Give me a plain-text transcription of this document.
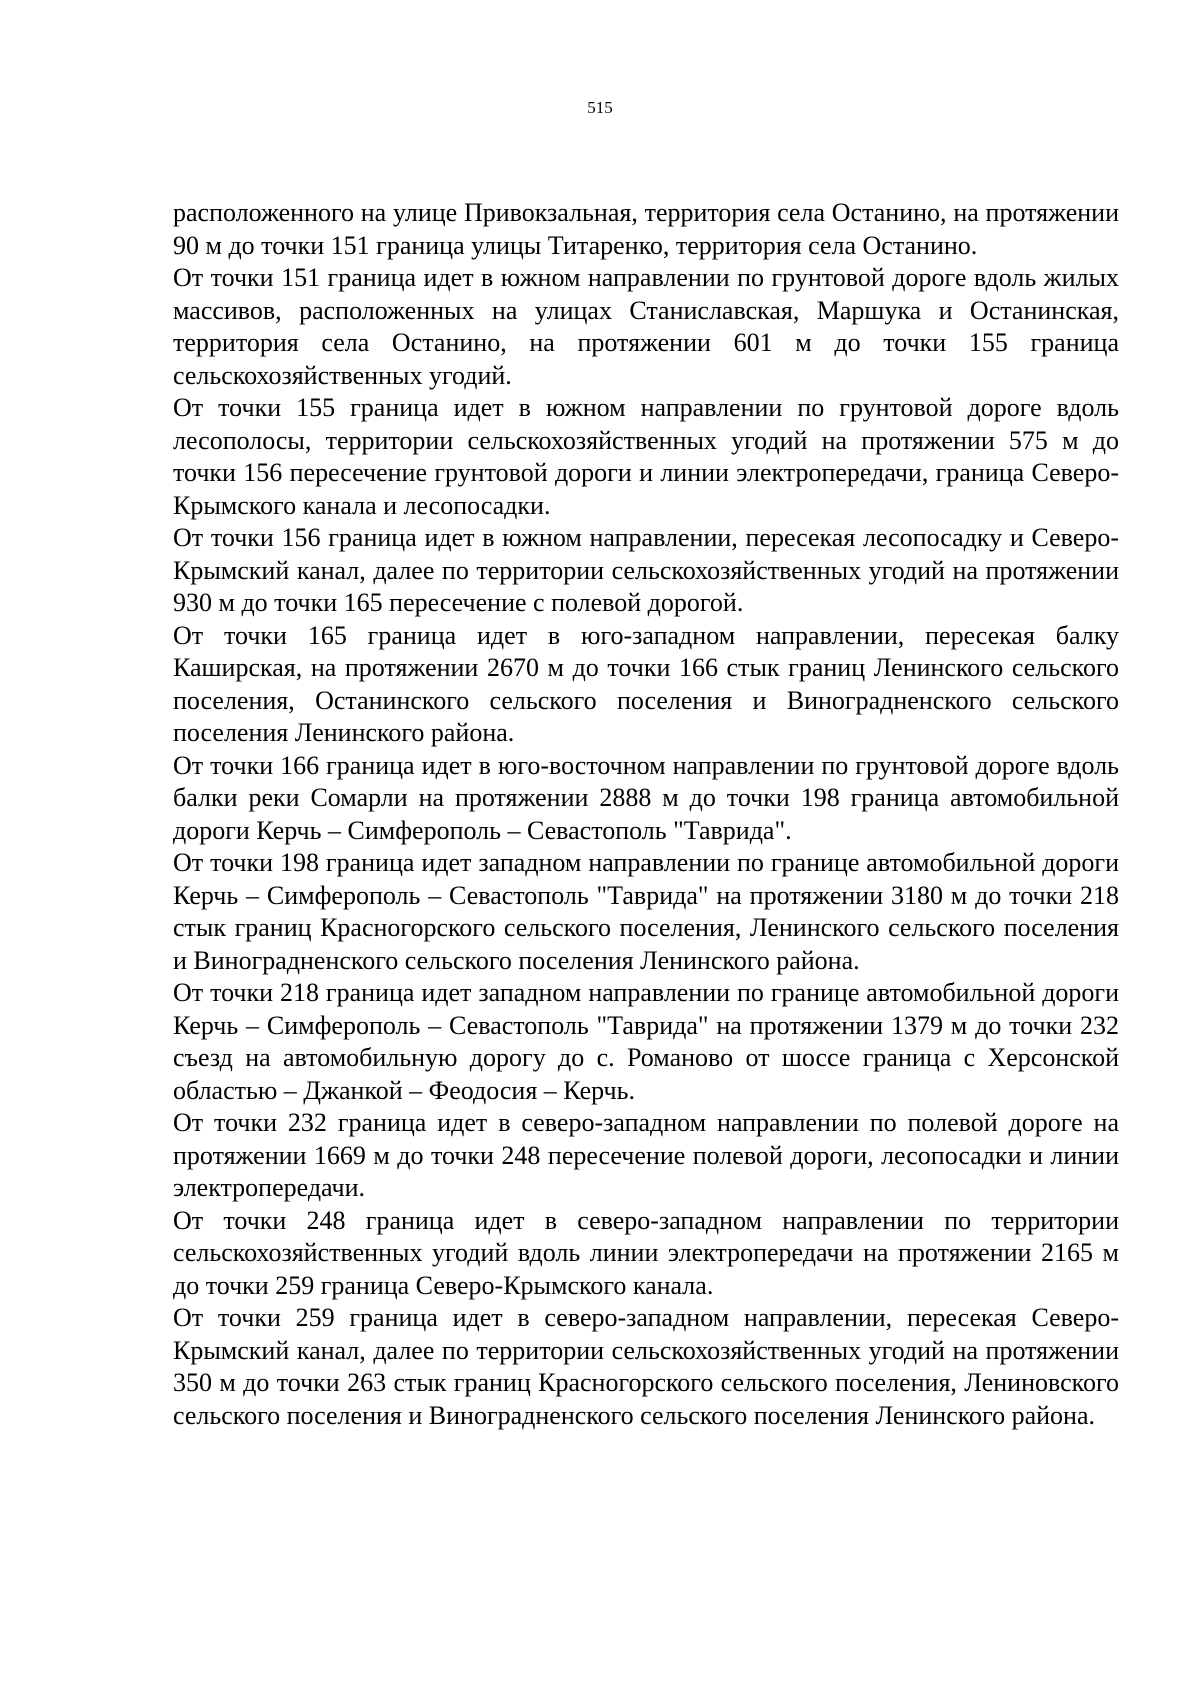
515

расположенного на улице Привокзальная, территория села Останино, на протяжении 90 м до точки 151 граница улицы Титаренко, территория села Останино.

От точки 151 граница идет в южном направлении по грунтовой дороге вдоль жилых массивов, расположенных на улицах Станиславская, Маршука и Останинская, территория села Останино, на протяжении 601 м до точки 155 граница сельскохозяйственных угодий.

От точки 155 граница идет в южном направлении по грунтовой дороге вдоль лесополосы, территории сельскохозяйственных угодий на протяжении 575 м до точки 156 пересечение грунтовой дороги и линии электропередачи, граница Северо-Крымского канала и лесопосадки.

От точки 156 граница идет в южном направлении, пересекая лесопосадку и Северо-Крымский канал, далее по территории сельскохозяйственных угодий на протяжении 930 м до точки 165 пересечение с полевой дорогой.

От точки 165 граница идет в юго-западном направлении, пересекая балку Каширская, на протяжении 2670 м до точки 166 стык границ Ленинского сельского поселения, Останинского сельского поселения и Виноградненского сельского поселения Ленинского района.

От точки 166 граница идет в юго-восточном направлении по грунтовой дороге вдоль балки реки Сомарли на протяжении 2888 м до точки 198 граница автомобильной дороги Керчь – Симферополь – Севастополь "Таврида".

От точки 198 граница идет западном направлении по границе автомобильной дороги Керчь – Симферополь – Севастополь "Таврида" на протяжении 3180 м до точки 218 стык границ Красногорского сельского поселения, Ленинского сельского поселения и Виноградненского сельского поселения Ленинского района.

От точки 218 граница идет западном направлении по границе автомобильной дороги Керчь – Симферополь – Севастополь "Таврида" на протяжении 1379 м до точки 232 съезд на автомобильную дорогу до с. Романово от шоссе граница с Херсонской областью – Джанкой – Феодосия – Керчь.

От точки 232 граница идет в северо-западном направлении по полевой дороге на протяжении 1669 м до точки 248 пересечение полевой дороги, лесопосадки и линии электропередачи.

От точки 248 граница идет в северо-западном направлении по территории сельскохозяйственных угодий вдоль линии электропередачи на протяжении 2165 м до точки 259 граница Северо-Крымского канала.

От точки 259 граница идет в северо-западном направлении, пересекая Северо-Крымский канал, далее по территории сельскохозяйственных угодий на протяжении 350 м до точки 263 стык границ Красногорского сельского поселения, Лениновского сельского поселения и Виноградненского сельского поселения Ленинского района.
